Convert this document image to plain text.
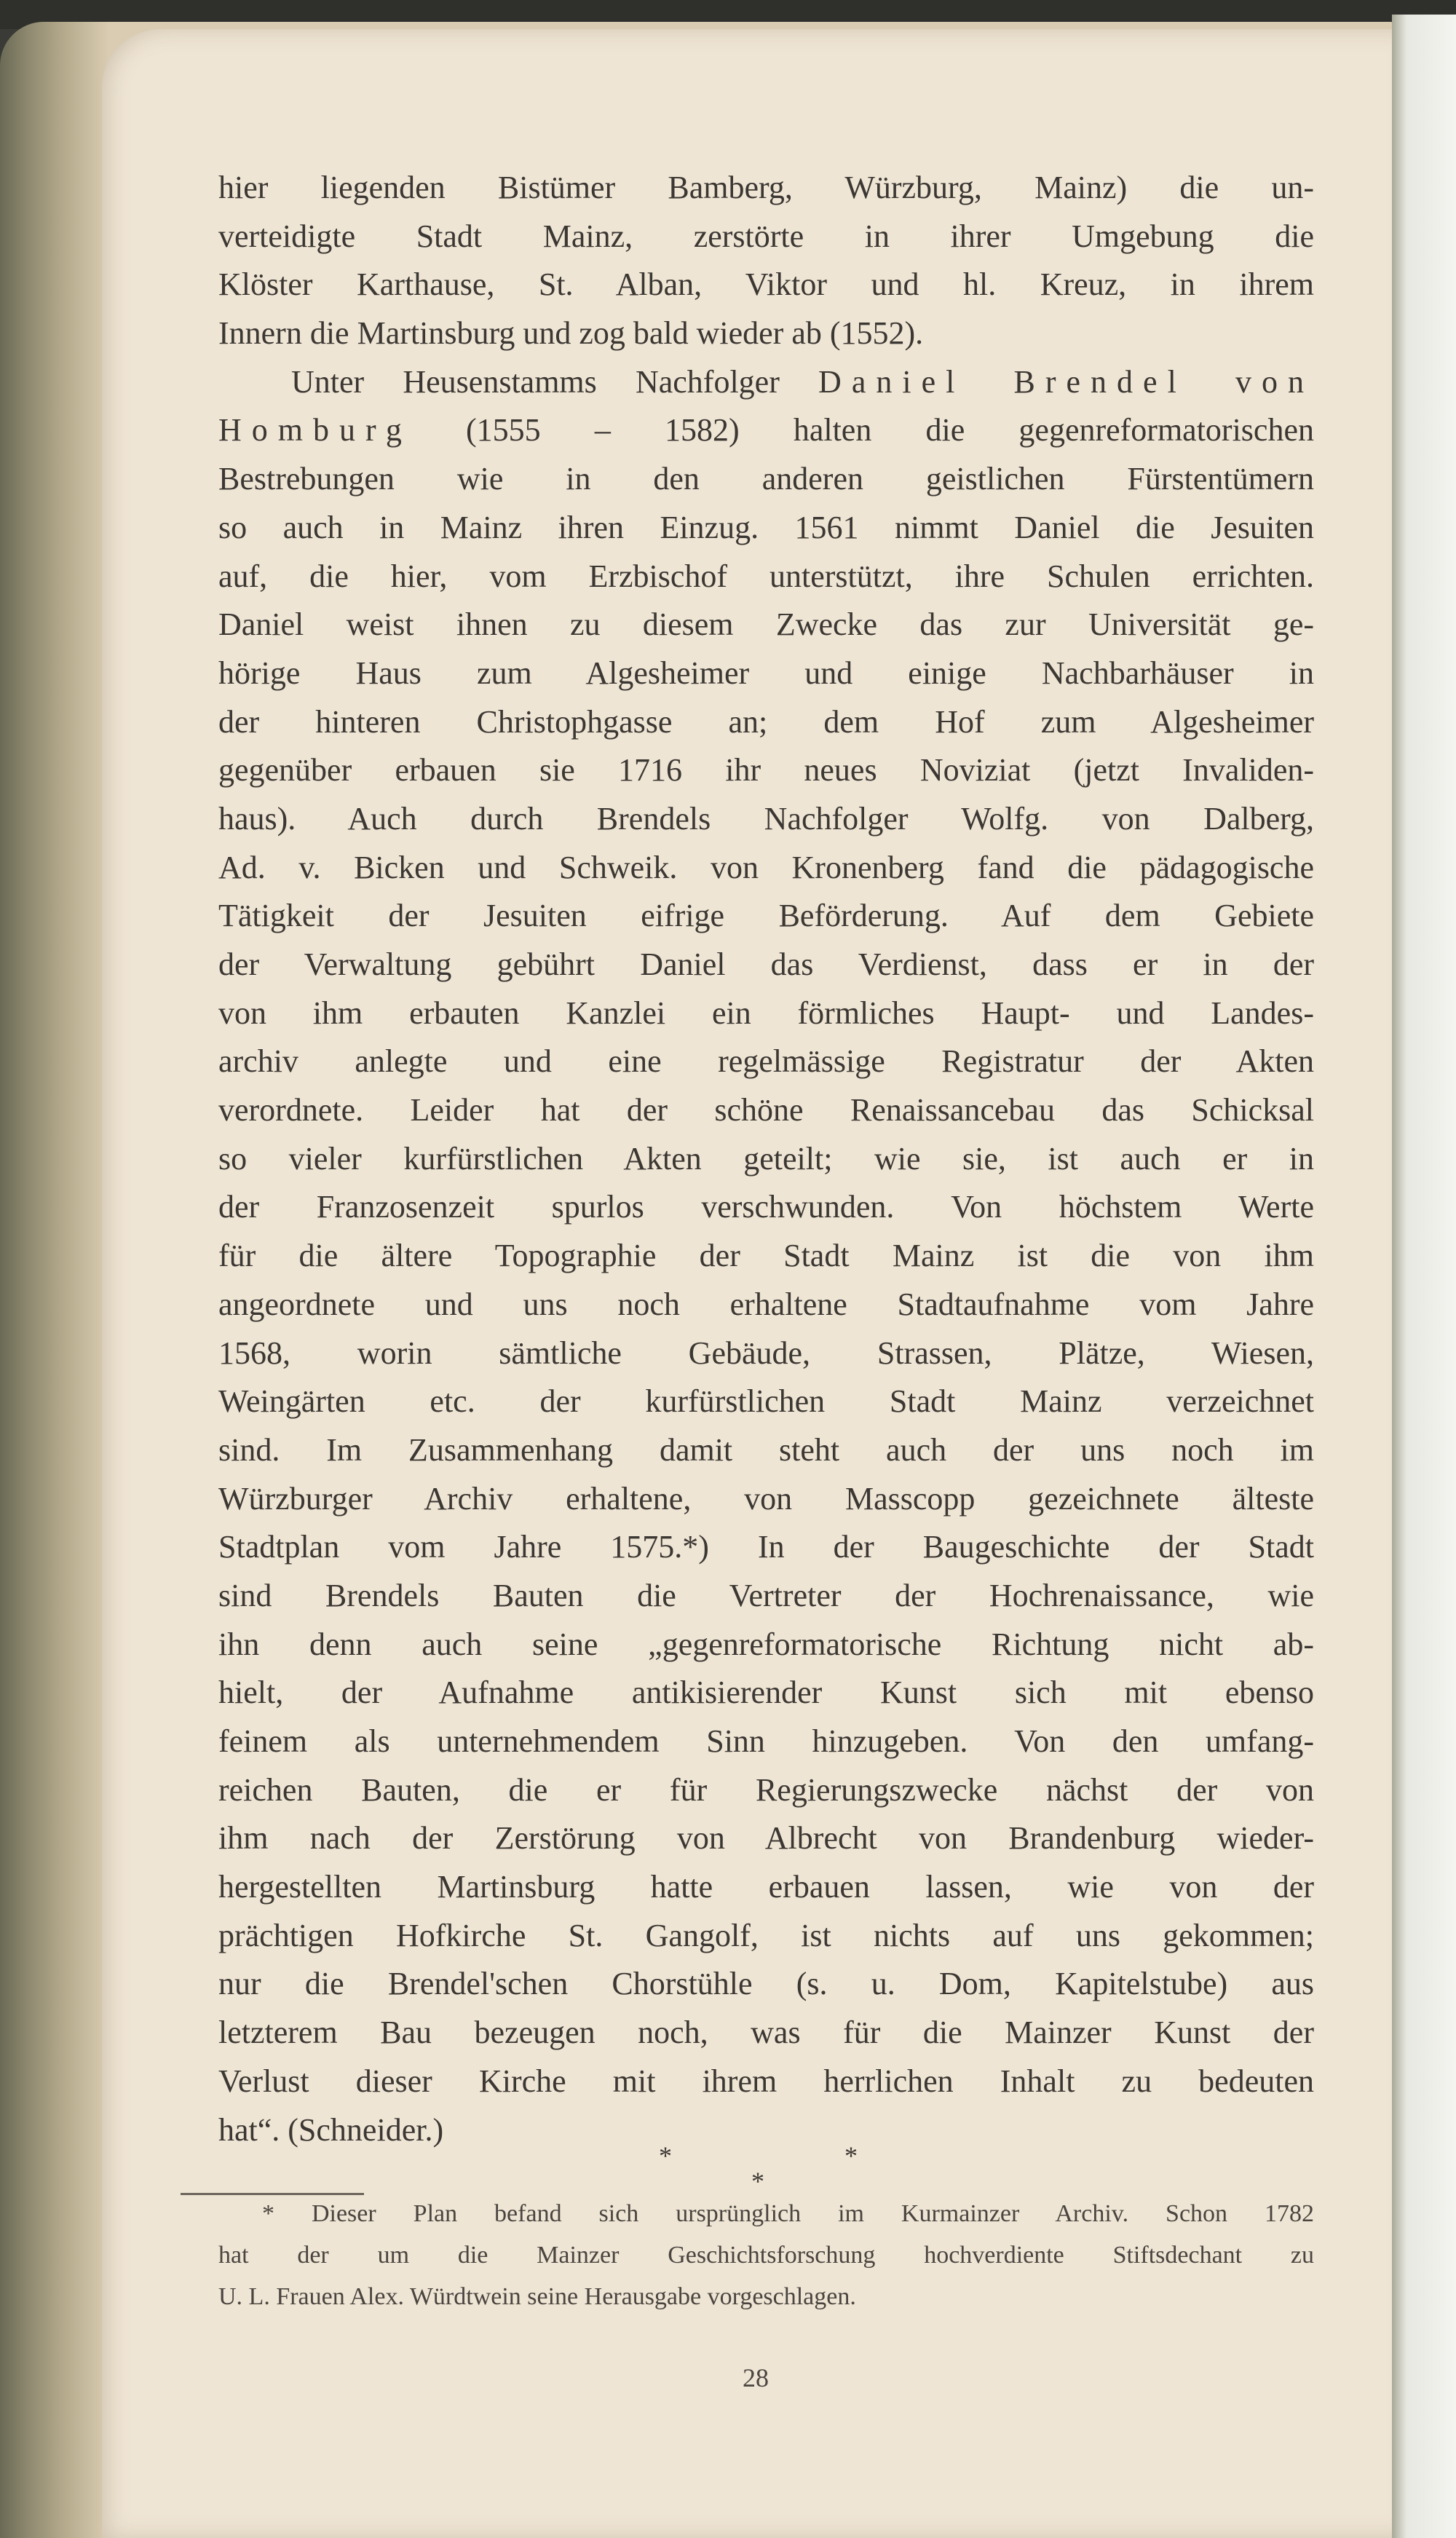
hier liegenden Bistümer Bamberg, Würzburg, Mainz) die un-
verteidigte Stadt Mainz, zerstörte in ihrer Umgebung die
Klöster Karthause, St. Alban, Viktor und hl. Kreuz, in ihrem
Innern die Martinsburg und zog bald wieder ab (1552).
Unter Heusenstamms Nachfolger Daniel Brendel von
Homburg (1555 – 1582) halten die gegenreformatorischen
Bestrebungen wie in den anderen geistlichen Fürstentümern
so auch in Mainz ihren Einzug. 1561 nimmt Daniel die Jesuiten
auf, die hier, vom Erzbischof unterstützt, ihre Schulen errichten.
Daniel weist ihnen zu diesem Zwecke das zur Universität ge-
hörige Haus zum Algesheimer und einige Nachbarhäuser in
der hinteren Christophgasse an; dem Hof zum Algesheimer
gegenüber erbauen sie 1716 ihr neues Noviziat (jetzt Invaliden-
haus). Auch durch Brendels Nachfolger Wolfg. von Dalberg,
Ad. v. Bicken und Schweik. von Kronenberg fand die pädagogische
Tätigkeit der Jesuiten eifrige Beförderung. Auf dem Gebiete
der Verwaltung gebührt Daniel das Verdienst, dass er in der
von ihm erbauten Kanzlei ein förmliches Haupt- und Landes-
archiv anlegte und eine regelmässige Registratur der Akten
verordnete. Leider hat der schöne Renaissancebau das Schicksal
so vieler kurfürstlichen Akten geteilt; wie sie, ist auch er in
der Franzosenzeit spurlos verschwunden. Von höchstem Werte
für die ältere Topographie der Stadt Mainz ist die von ihm
angeordnete und uns noch erhaltene Stadtaufnahme vom Jahre
1568, worin sämtliche Gebäude, Strassen, Plätze, Wiesen,
Weingärten etc. der kurfürstlichen Stadt Mainz verzeichnet
sind. Im Zusammenhang damit steht auch der uns noch im
Würzburger Archiv erhaltene, von Masscopp gezeichnete älteste
Stadtplan vom Jahre 1575.*) In der Baugeschichte der Stadt
sind Brendels Bauten die Vertreter der Hochrenaissance, wie
ihn denn auch seine „gegenreformatorische Richtung nicht ab-
hielt, der Aufnahme antikisierender Kunst sich mit ebenso
feinem als unternehmendem Sinn hinzugeben. Von den umfang-
reichen Bauten, die er für Regierungszwecke nächst der von
ihm nach der Zerstörung von Albrecht von Brandenburg wieder-
hergestellten Martinsburg hatte erbauen lassen, wie von der
prächtigen Hofkirche St. Gangolf, ist nichts auf uns gekommen;
nur die Brendel'schen Chorstühle (s. u. Dom, Kapitelstube) aus
letzterem Bau bezeugen noch, was für die Mainzer Kunst der
Verlust dieser Kirche mit ihrem herrlichen Inhalt zu bedeuten
hat“. (Schneider.)
*	*
*
* Dieser Plan befand sich ursprünglich im Kurmainzer Archiv. Schon 1782
hat der um die Mainzer Geschichtsforschung hochverdiente Stiftsdechant zu
U. L. Frauen Alex. Würdtwein seine Herausgabe vorgeschlagen.
28
